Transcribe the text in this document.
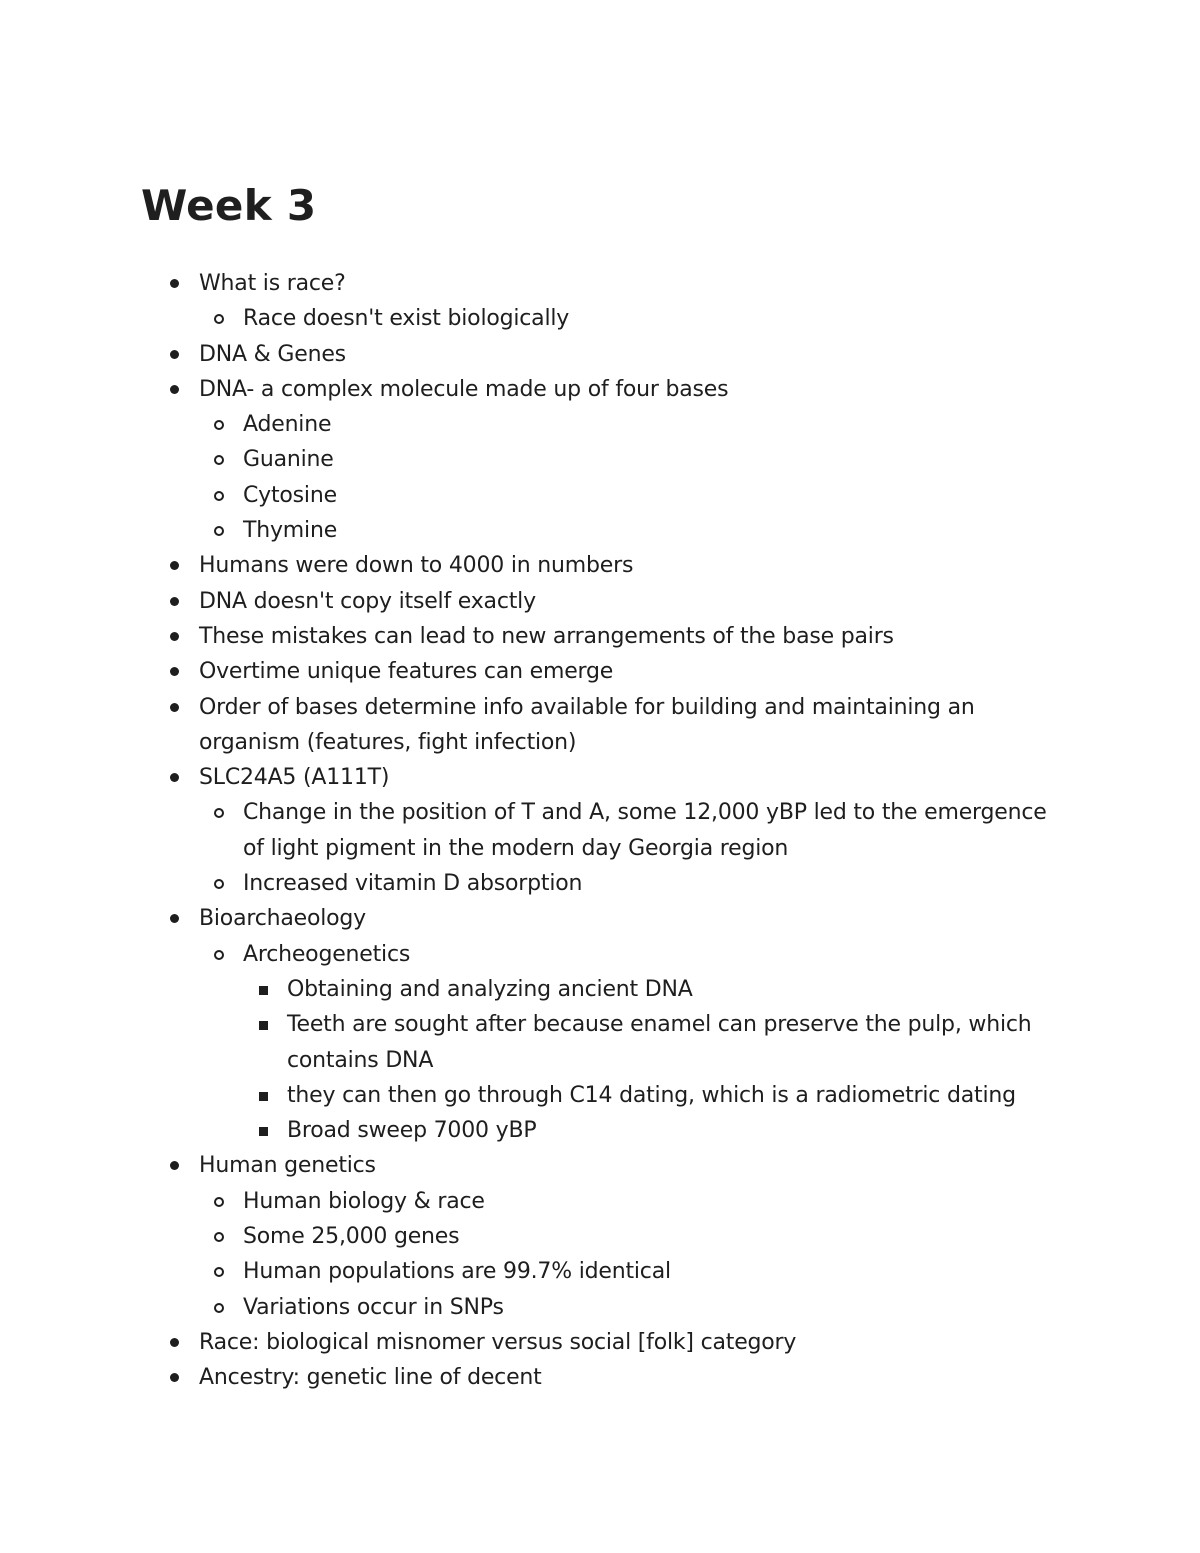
Week 3
What is race?
Race doesn't exist biologically
DNA & Genes
DNA- a complex molecule made up of four bases
Adenine
Guanine
Cytosine
Thymine
Humans were down to 4000 in numbers
DNA doesn't copy itself exactly
These mistakes can lead to new arrangements of the base pairs
Overtime unique features can emerge
Order of bases determine info available for building and maintaining an organism (features, fight infection)
SLC24A5 (A111T)
Change in the position of T and A, some 12,000 yBP led to the emergence of light pigment in the modern day Georgia region
Increased vitamin D absorption
Bioarchaeology
Archeogenetics
Obtaining and analyzing ancient DNA
Teeth are sought after because enamel can preserve the pulp, which contains DNA
they can then go through C14 dating, which is a radiometric dating
Broad sweep 7000 yBP
Human genetics
Human biology & race
Some 25,000 genes
Human populations are 99.7% identical
Variations occur in SNPs
Race: biological misnomer versus social [folk] category
Ancestry: genetic line of decent
